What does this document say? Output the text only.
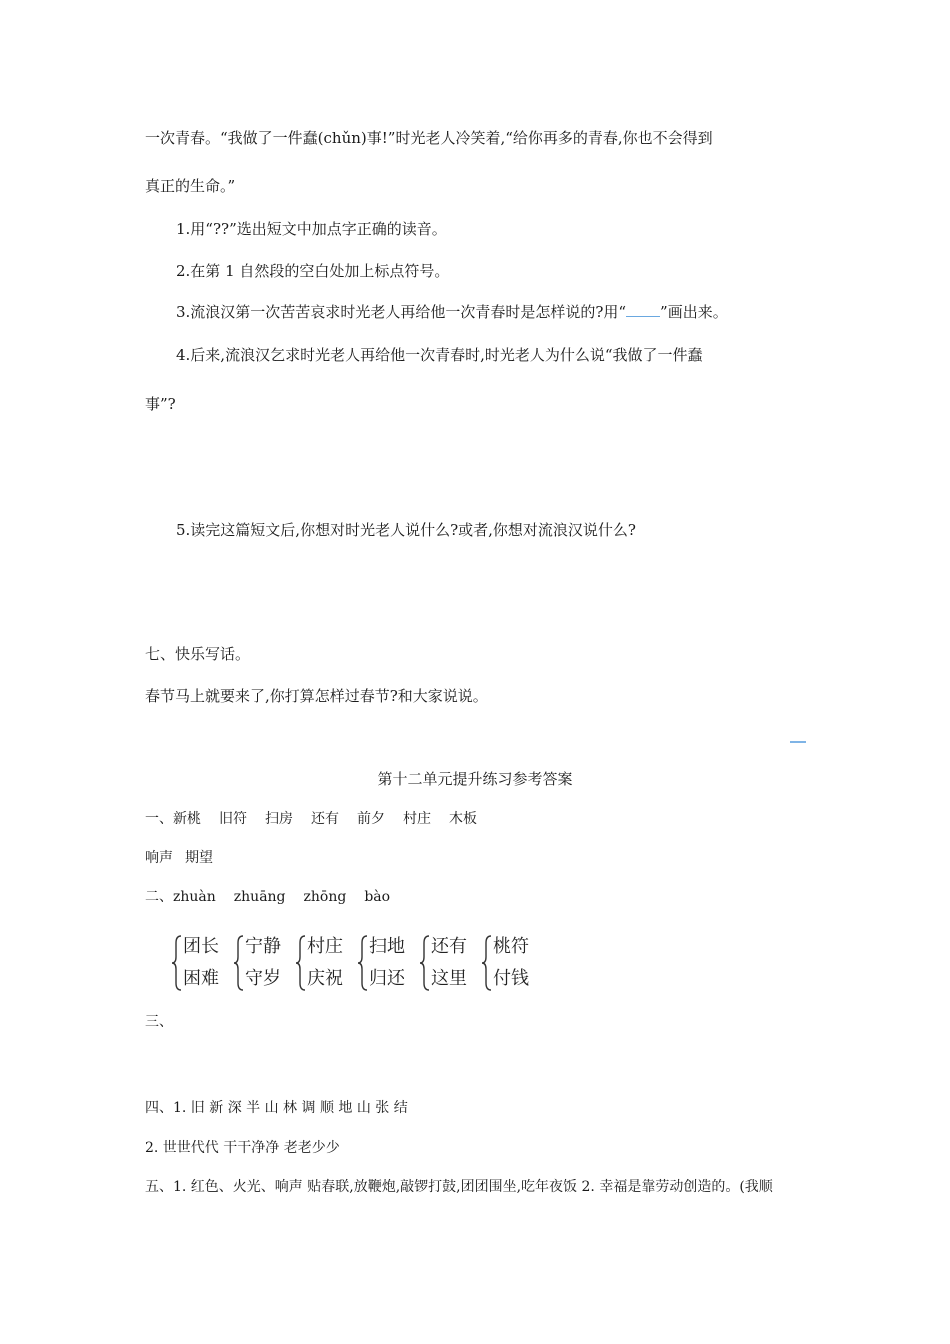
一次青春。“我做了一件蠢(chǔn)事!”时光老人冷笑着,“给你再多的青春,你也不会得到
真正的生命。”
1.用“??”选出短文中加点字正确的读音。
2.在第 1 自然段的空白处加上标点符号。
3.流浪汉第一次苦苦哀求时光老人再给他一次青春时是怎样说的?用“ ”画出来。
4.后来,流浪汉乞求时光老人再给他一次青春时,时光老人为什么说“我做了一件蠢
事”?
5.读完这篇短文后,你想对时光老人说什么?或者,你想对流浪汉说什么?
七、快乐写话。
春节马上就要来了,你打算怎样过春节?和大家说说。
第十二单元提升练习参考答案
一、新桃 旧符 扫房 还有 前夕 村庄 木板
响声 期望
二、zhuàn zhuāng zhōng bào
三、
团长
困难
宁静
守岁
村庄
庆祝
扫地
归还
还有
这里
桃符
付钱
四、1. 旧 新 深 半 山 林 调 顺 地 山 张 结
2. 世世代代 干干净净 老老少少
五、1. 红色、火光、响声 贴春联,放鞭炮,敲锣打鼓,团团围坐,吃年夜饭 2. 幸福是靠劳动创造的。(我顺
